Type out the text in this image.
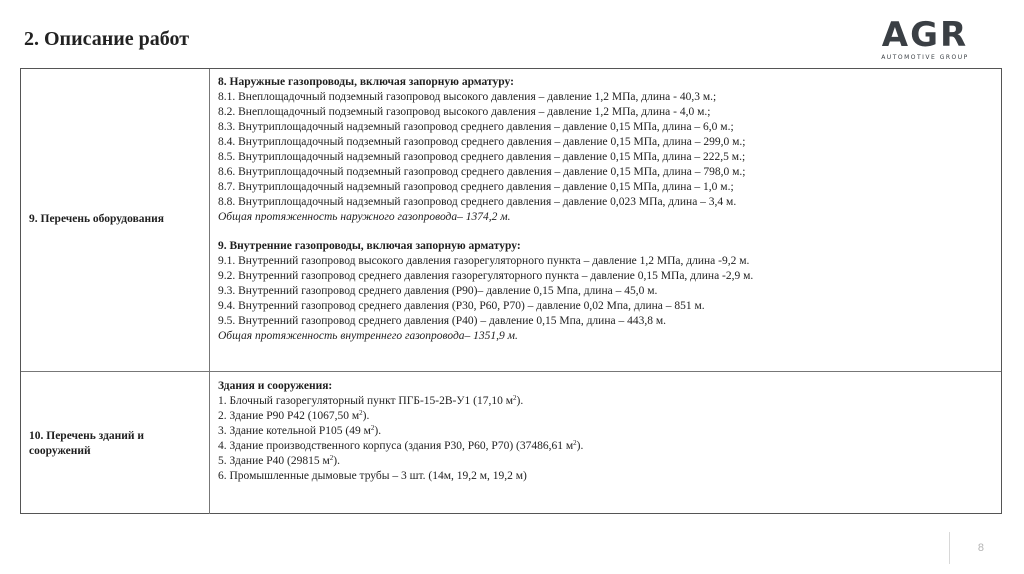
2. Описание работ	AGR
AUTOMOTIVE GROUP
9. Перечень оборудования
8. Наружные газопроводы, включая запорную арматуру:
8.1. Внеплощадочный подземный газопровод высокого давления – давление 1,2 МПа, длина - 40,3 м.;
8.2. Внеплощадочный подземный газопровод высокого давления – давление 1,2 МПа, длина - 4,0 м.;
8.3. Внутриплощадочный надземный газопровод среднего давления – давление 0,15 МПа, длина – 6,0 м.;
8.4. Внутриплощадочный подземный газопровод среднего давления – давление 0,15 МПа, длина – 299,0 м.;
8.5. Внутриплощадочный надземный газопровод среднего давления – давление 0,15 МПа, длина – 222,5 м.;
8.6. Внутриплощадочный подземный газопровод среднего давления – давление 0,15 МПа, длина – 798,0 м.;
8.7. Внутриплощадочный надземный газопровод среднего давления – давление 0,15 МПа, длина – 1,0 м.;
8.8. Внутриплощадочный надземный газопровод среднего давления – давление 0,023 МПа, длина – 3,4 м.
Общая протяженность наружного газопровода– 1374,2 м.
9. Внутренние газопроводы, включая запорную арматуру:
9.1. Внутренний газопровод высокого давления газорегуляторного пункта – давление 1,2 МПа, длина -9,2 м.
9.2. Внутренний газопровод среднего давления газорегуляторного пункта – давление 0,15 МПа, длина -2,9 м.
9.3. Внутренний газопровод среднего давления (Р90)– давление 0,15 Мпа, длина – 45,0 м.
9.4. Внутренний газопровод среднего давления (Р30, Р60, Р70) – давление 0,02 Мпа, длина – 851 м.
9.5. Внутренний газопровод среднего давления (Р40) – давление 0,15 Мпа, длина – 443,8 м.
Общая протяженность внутреннего газопровода– 1351,9 м.
10. Перечень зданий и сооружений
Здания и сооружения:
1. Блочный газорегуляторный пункт ПГБ-15-2В-У1 (17,10 $м^2$).
2. Здание Р90 Р42 (1067,50 $м^2$).
3. Здание котельной Р105 (49 $м^2$).
4. Здание производственного корпуса (здания Р30, Р60, Р70) (37486,61 $м^2$).
5. Здание Р40 (29815 $м^2$).
6. Промышленные дымовые трубы – 3 шт. (14м, 19,2 м, 19,2 м)
8
